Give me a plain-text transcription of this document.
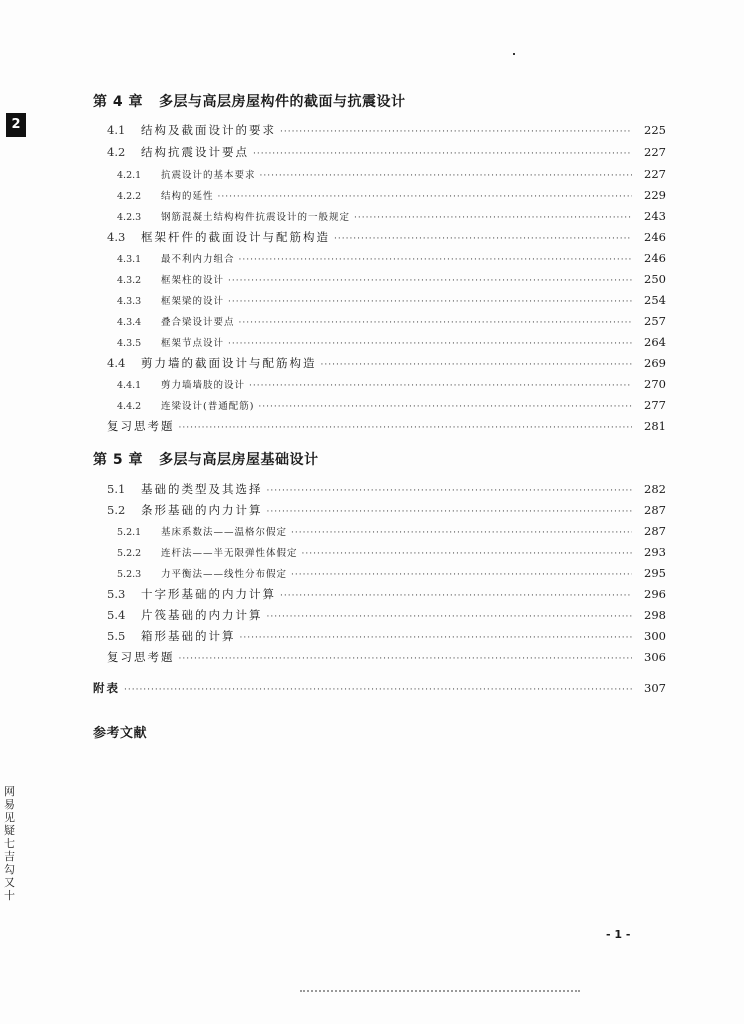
2
第 4 章 多层与高层房屋构件的截面与抗震设计
4.1	结构及截面设计的要求 ·····	225
4.2	结构抗震设计要点 ·····	227
4.2.1	抗震设计的基本要求 ·····	227
4.2.2	结构的延性 ·····	229
4.2.3	钢筋混凝土结构构件抗震设计的一般规定 ·····	243
4.3	框架杆件的截面设计与配筋构造 ·····	246
4.3.1	最不利内力组合 ·····	246
4.3.2	框架柱的设计 ·····	250
4.3.3	框架梁的设计 ·····	254
4.3.4	叠合梁设计要点 ·····	257
4.3.5	框架节点设计 ·····	264
4.4	剪力墙的截面设计与配筋构造 ·····	269
4.4.1	剪力墙墙肢的设计 ·····	270
4.4.2	连梁设计(普通配筋) ·····	277
复习思考题 ·····	281
第 5 章 多层与高层房屋基础设计
5.1	基础的类型及其选择 ·····	282
5.2	条形基础的内力计算 ·····	287
5.2.1	基床系数法——温格尔假定 ·····	287
5.2.2	连杆法——半无限弹性体假定 ·····	293
5.2.3	力平衡法——线性分布假定 ·····	295
5.3	十字形基础的内力计算 ·····	296
5.4	片筏基础的内力计算 ·····	298
5.5	箱形基础的计算 ·····	300
复习思考题 ·····	306
附表 ·····	307
参考文献
网易见疑七吉勾又十
- 1 -
